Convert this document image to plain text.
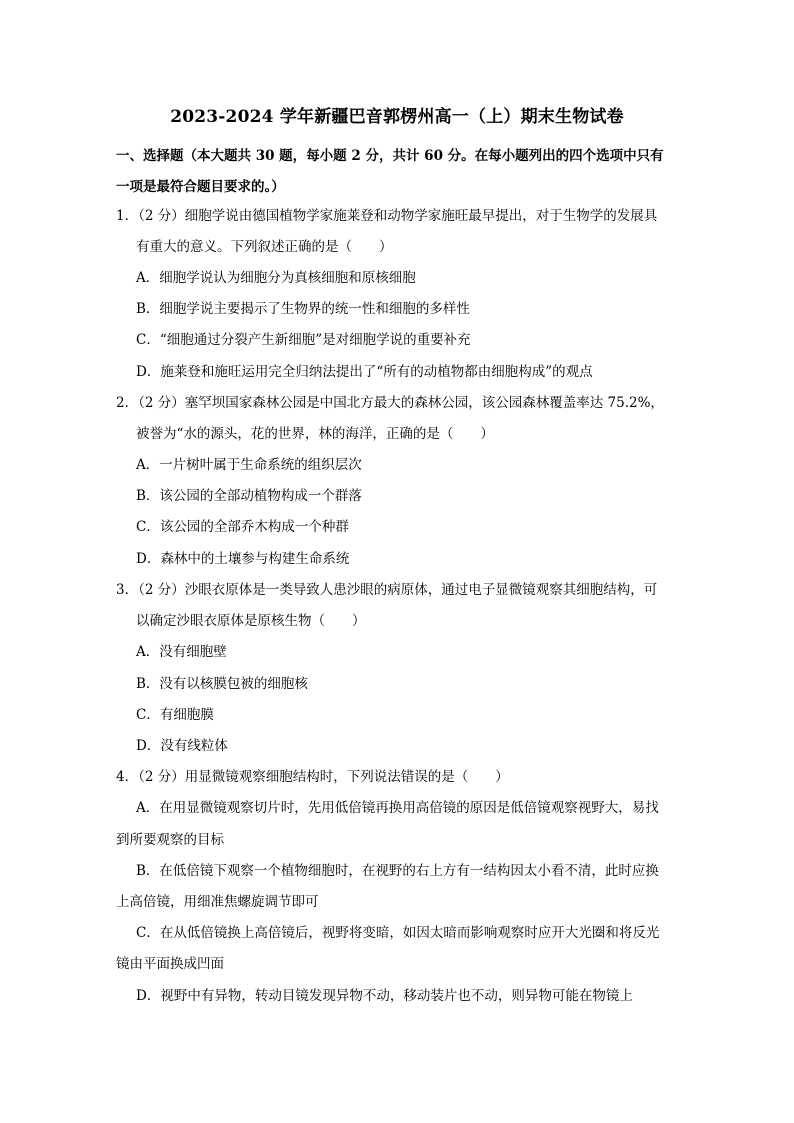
2023-2024 学年新疆巴音郭楞州高一（上）期末生物试卷
一、选择题（本大题共 30 题，每小题 2 分，共计 60 分。在每小题列出的四个选项中只有
一项是最符合题目要求的。）
1．（2 分）细胞学说由德国植物学家施莱登和动物学家施旺最早提出，对于生物学的发展具
有重大的意义。下列叙述正确的是（　　）
A．细胞学说认为细胞分为真核细胞和原核细胞
B．细胞学说主要揭示了生物界的统一性和细胞的多样性
C．“细胞通过分裂产生新细胞”是对细胞学说的重要补充
D．施莱登和施旺运用完全归纳法提出了“所有的动植物都由细胞构成”的观点
2．（2 分）塞罕坝国家森林公园是中国北方最大的森林公园，该公园森林覆盖率达 75.2%，
被誉为“水的源头，花的世界，林的海洋，正确的是（　　）
A．一片树叶属于生命系统的组织层次
B．该公园的全部动植物构成一个群落
C．该公园的全部乔木构成一个种群
D．森林中的土壤参与构建生命系统
3．（2 分）沙眼衣原体是一类导致人患沙眼的病原体，通过电子显微镜观察其细胞结构，可
以确定沙眼衣原体是原核生物（　　）
A．没有细胞壁
B．没有以核膜包被的细胞核
C．有细胞膜
D．没有线粒体
4．（2 分）用显微镜观察细胞结构时，下列说法错误的是（　　）
A．在用显微镜观察切片时，先用低倍镜再换用高倍镜的原因是低倍镜观察视野大，易找
到所要观察的目标
B．在低倍镜下观察一个植物细胞时，在视野的右上方有一结构因太小看不清，此时应换
上高倍镜，用细准焦螺旋调节即可
C．在从低倍镜换上高倍镜后，视野将变暗，如因太暗而影响观察时应开大光圈和将反光
镜由平面换成凹面
D．视野中有异物，转动目镜发现异物不动，移动装片也不动，则异物可能在物镜上
